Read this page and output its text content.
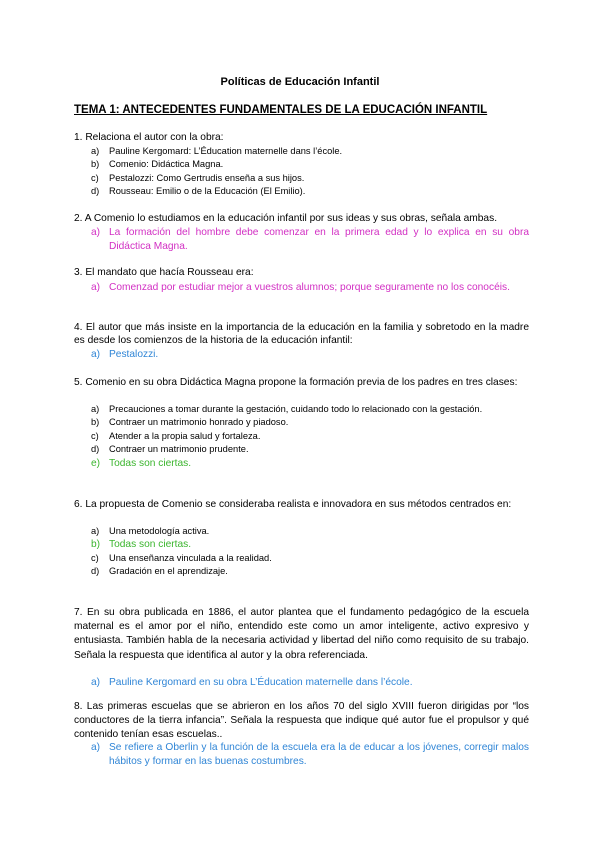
Políticas de Educación Infantil
TEMA 1: ANTECEDENTES FUNDAMENTALES DE LA EDUCACIÓN INFANTIL
1. Relaciona el autor con la obra:
a) Pauline Kergomard: L’Éducation maternelle dans l’école.
b) Comenio: Didáctica Magna.
c) Pestalozzi: Como Gertrudis enseña a sus hijos.
d) Rousseau: Emilio o de la Educación (El Emilio).
2. A Comenio lo estudiamos en la educación infantil por sus ideas y sus obras, señala ambas.
a) La formación del hombre debe comenzar en la primera edad y lo explica en su obra Didáctica Magna.
3. El mandato que hacía Rousseau era:
a) Comenzad por estudiar mejor a vuestros alumnos; porque seguramente no los conocéis.
4. El autor que más insiste en la importancia de la educación en la familia y sobretodo en la madre es desde los comienzos de la historia de la educación infantil:
a) Pestalozzi.
5. Comenio en su obra Didáctica Magna propone la formación previa de los padres en tres clases:
a) Precauciones a tomar durante la gestación, cuidando todo lo relacionado con la gestación.
b) Contraer un matrimonio honrado y piadoso.
c) Atender a la propia salud y fortaleza.
d) Contraer un matrimonio prudente.
e) Todas son ciertas.
6. La propuesta de Comenio se consideraba realista e innovadora en sus métodos centrados en:
a) Una metodología activa.
b) Todas son ciertas.
c) Una enseñanza vinculada a la realidad.
d) Gradación en el aprendizaje.
7. En su obra publicada en 1886, el autor plantea que el fundamento pedagógico de la escuela maternal es el amor por el niño, entendido este como un amor inteligente, activo expresivo y entusiasta. También habla de la necesaria actividad y libertad del niño como requisito de su trabajo. Señala la respuesta que identifica al autor y la obra referenciada.
a) Pauline Kergomard en su obra L’Éducation maternelle dans l’école.
8. Las primeras escuelas que se abrieron en los años 70 del siglo XVIII fueron dirigidas por “los conductores de la tierra infancia”. Señala la respuesta que indique qué autor fue el propulsor y qué contenido tenían esas escuelas..
a) Se refiere a Oberlin y la función de la escuela era la de educar a los jóvenes, corregir malos hábitos y formar en las buenas costumbres.
